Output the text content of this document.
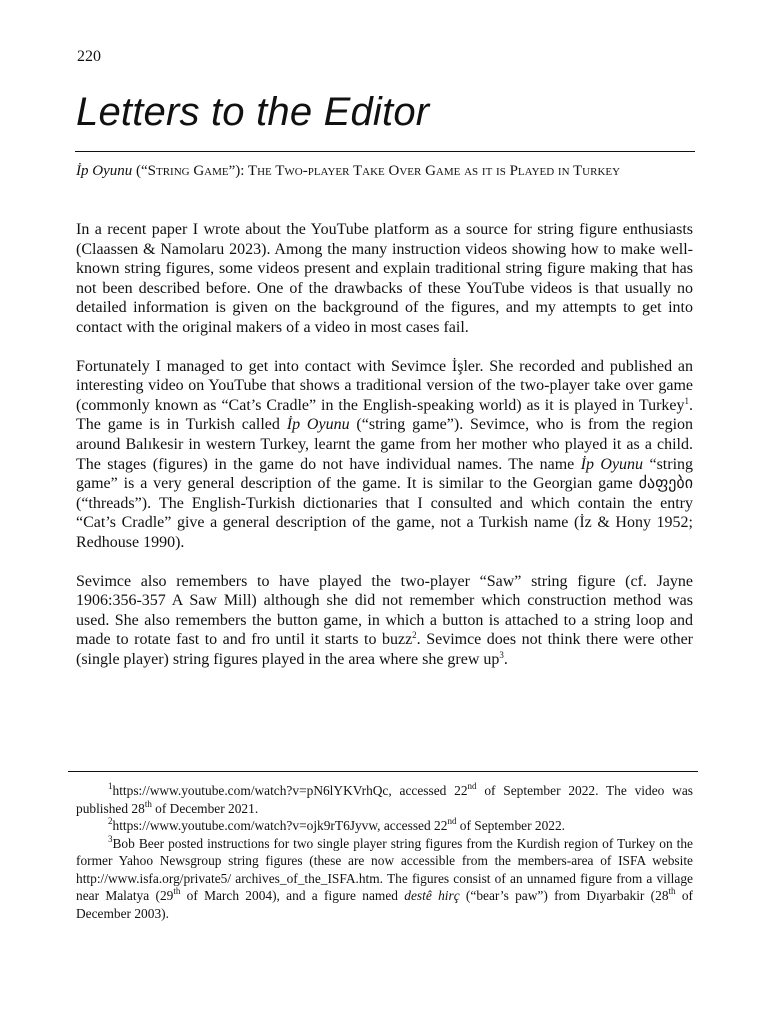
220
Letters to the Editor
İp Oyunu (“String Game”): The Two-player Take Over Game as it is Played in Turkey

In a recent paper I wrote about the YouTube platform as a source for string figure enthusiasts (Claassen & Namolaru 2023). Among the many instruction videos showing how to make well-known string figures, some videos present and explain traditional string figure making that has not been described before. One of the drawbacks of these YouTube videos is that usually no detailed information is given on the background of the figures, and my attempts to get into contact with the original makers of a video in most cases fail.

Fortunately I managed to get into contact with Sevimce İşler. She recorded and published an interesting video on YouTube that shows a traditional version of the two-player take over game (commonly known as “Cat’s Cradle” in the English-speaking world) as it is played in Turkey$^1$. The game is in Turkish called İp Oyunu (“string game”). Sevimce, who is from the region around Balıkesir in western Turkey, learnt the game from her mother who played it as a child. The stages (figures) in the game do not have individual names. The name İp Oyunu “string game” is a very general description of the game. It is similar to the Georgian game ძაფები (“threads”). The English-Turkish dictionaries that I consulted and which contain the entry “Cat’s Cradle” give a general description of the game, not a Turkish name (İz & Hony 1952; Redhouse 1990).

Sevimce also remembers to have played the two-player “Saw” string figure (cf. Jayne 1906:356-357 A Saw Mill) although she did not remember which construction method was used. She also remembers the button game, in which a button is attached to a string loop and made to rotate fast to and fro until it starts to buzz$^2$. Sevimce does not think there were other (single player) string figures played in the area where she grew $up^3$.

$^1$https://www.youtube.com/watch?v=pN6lYKVrhQc, accessed 22nd of September 2022. The video was published 28th of December 2021.

$^2$https://www.youtube.com/watch?v=ojk9rT6Jyvw, accessed 22nd of September 2022.

$^3$Bob Beer posted instructions for two single player string figures from the Kurdish region of Turkey on the former Yahoo Newsgroup string figures (these are now accessible from the members-area of ISFA website http://www.isfa.org/private5/ archives_of_the_ISFA.htm. The figures consist of an unnamed figure from a village near Malatya (29th of March 2004), and a figure named destê hirç (“bear’s paw”) from Dıyarbakir (28th of December 2003).
